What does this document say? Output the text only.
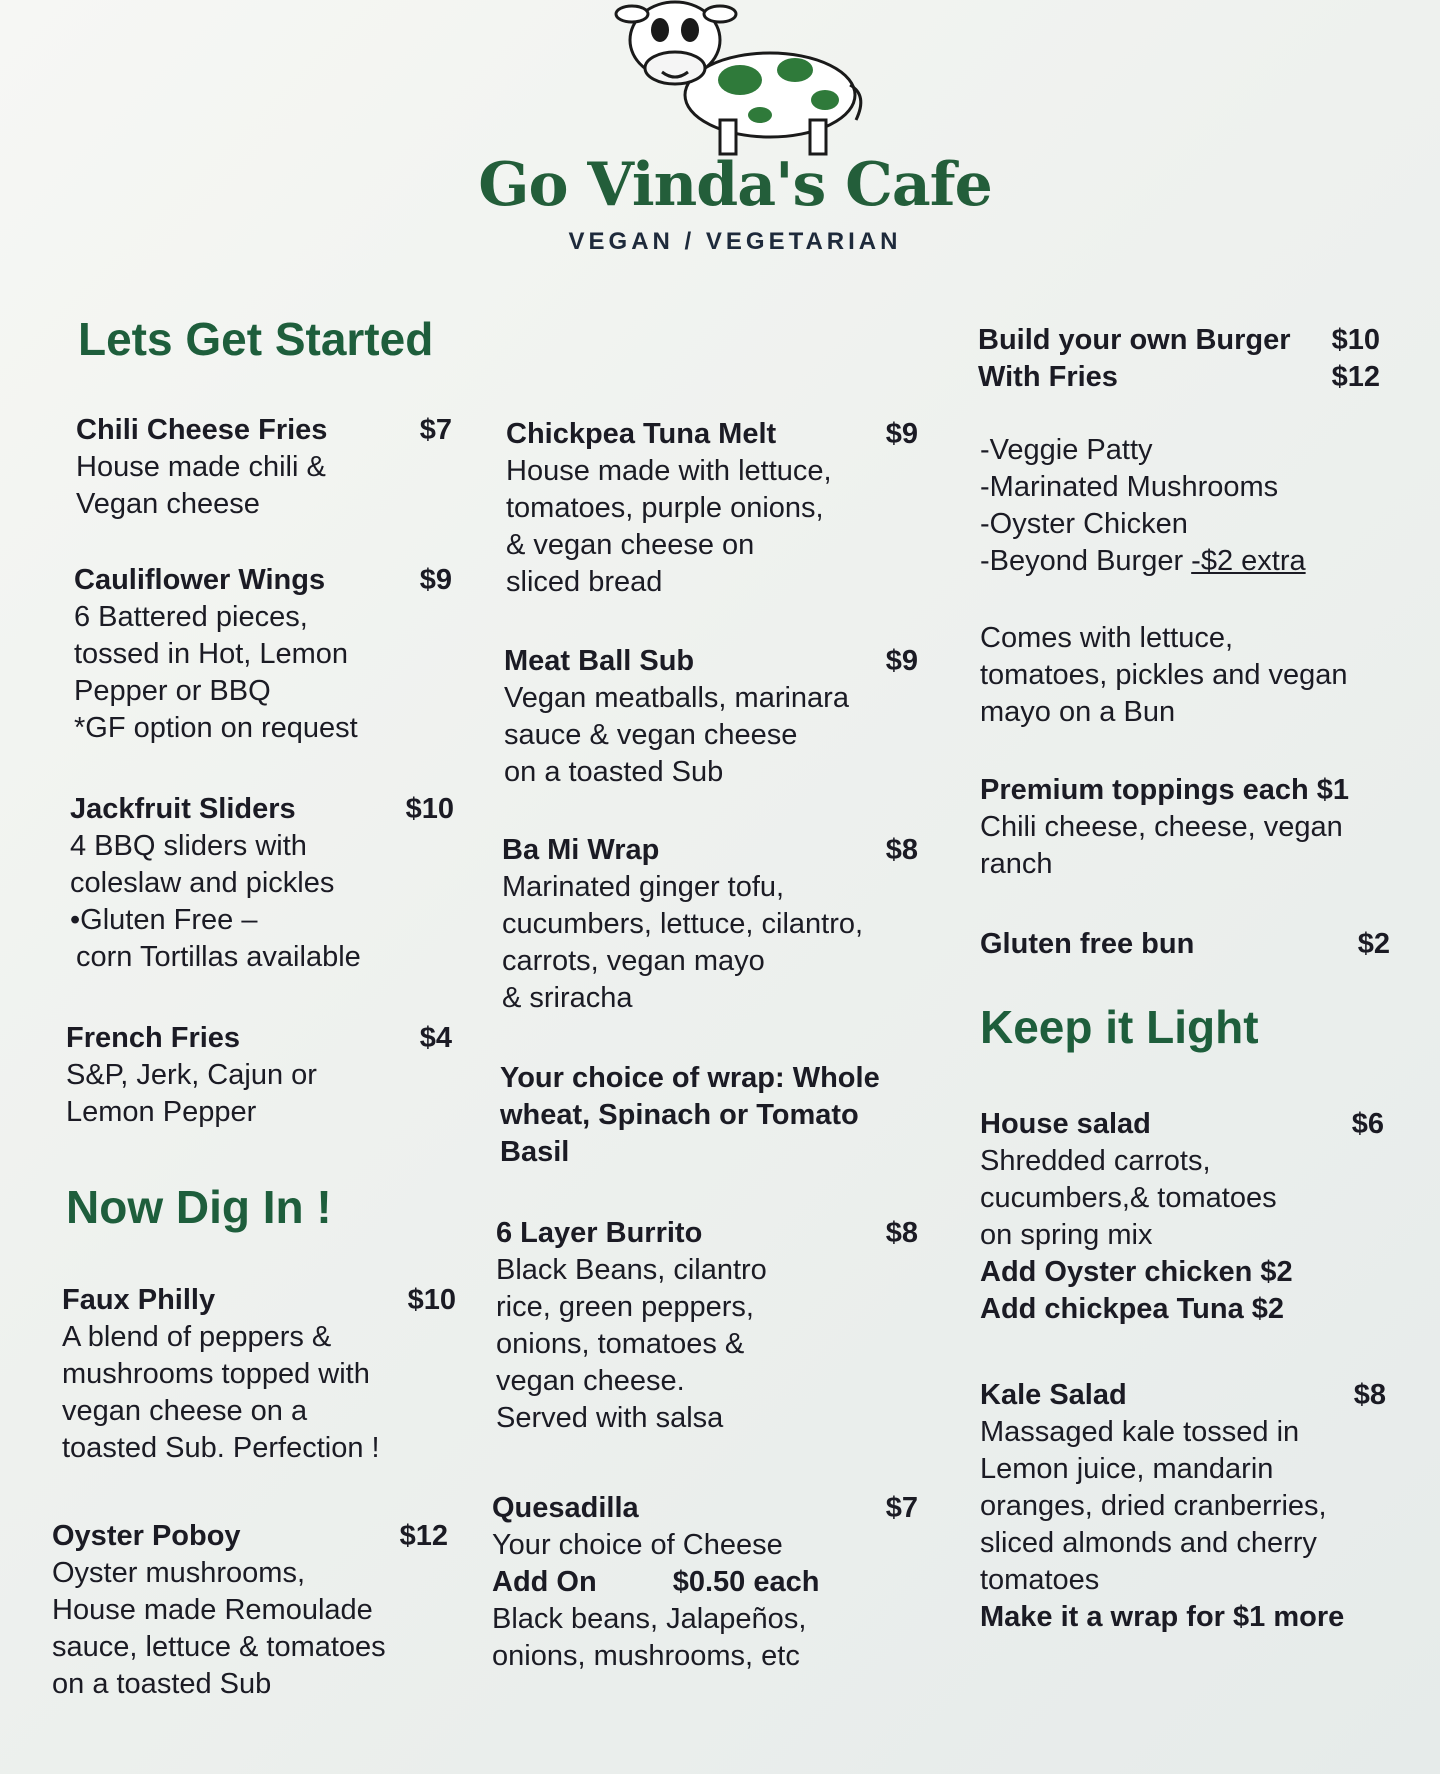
Go Vinda's Cafe
VEGAN / VEGETARIAN
Lets Get Started
Chili Cheese Fries	$7
House made chili &
Vegan cheese
Cauliflower Wings	$9
6 Battered pieces,
tossed in Hot, Lemon
Pepper or BBQ
*GF option on request
Jackfruit Sliders	$10
4 BBQ sliders with
coleslaw and pickles
•Gluten Free –
corn Tortillas available
French Fries	$4
S&P, Jerk, Cajun or
Lemon Pepper
Now Dig In !
Faux Philly	$10
A blend of peppers &
mushrooms topped with
vegan cheese on a
toasted Sub. Perfection !
Oyster Poboy	$12
Oyster mushrooms,
House made Remoulade
sauce, lettuce & tomatoes
on a toasted Sub
Chickpea Tuna Melt	$9
House made with lettuce,
tomatoes, purple onions,
& vegan cheese on
sliced bread
Meat Ball Sub	$9
Vegan meatballs, marinara
sauce & vegan cheese
on a toasted Sub
Ba Mi Wrap	$8
Marinated ginger tofu,
cucumbers, lettuce, cilantro,
carrots, vegan mayo
& sriracha
Your choice of wrap: Whole
wheat, Spinach or Tomato
Basil
6 Layer Burrito	$8
Black Beans, cilantro
rice, green peppers,
onions, tomatoes &
vegan cheese.
Served with salsa
Quesadilla	$7
Your choice of Cheese
Add On	$0.50 each
Black beans, Jalapeños,
onions, mushrooms, etc
Build your own Burger $10
With Fries	$12
-Veggie Patty
-Marinated Mushrooms
-Oyster Chicken
-Beyond Burger -$2 extra
Comes with lettuce,
tomatoes, pickles and vegan
mayo on a Bun
Premium toppings each $1
Chili cheese, cheese, vegan
ranch
Gluten free bun	$2
Keep it Light
House salad	$6
Shredded carrots,
cucumbers,& tomatoes
on spring mix
Add Oyster chicken $2
Add chickpea Tuna $2
Kale Salad	$8
Massaged kale tossed in
Lemon juice, mandarin
oranges, dried cranberries,
sliced almonds and cherry
tomatoes
Make it a wrap for $1 more
